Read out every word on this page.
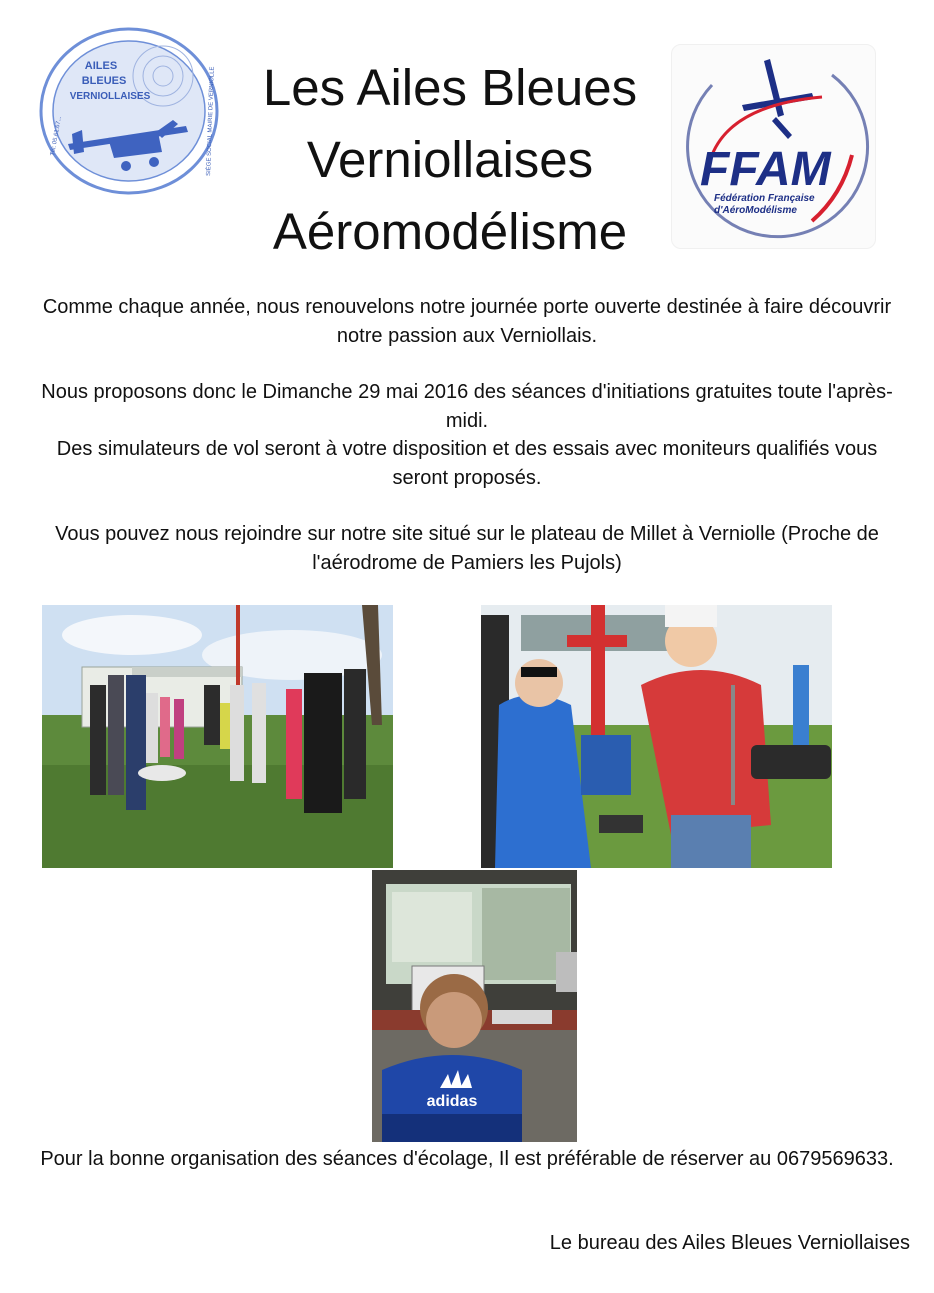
AILES
BLEUES
VERNIOLLAISES
Tél: 05.61.67...	SIÈGE SOCIAL MAIRIE DE VERNIOLLE Les Ailes Bleues
Verniollaises
Aéromodélisme
FFAM
Fédération Française
d'AéroModélisme

Comme chaque année, nous renouvelons notre journée porte ouverte destinée à faire découvrir notre passion aux Verniollais.

Nous proposons donc le Dimanche 29 mai 2016 des séances d'initiations gratuites toute l'après-midi.

Des simulateurs de vol seront à votre disposition et des essais avec moniteurs qualifiés vous seront proposés.

Vous pouvez nous rejoindre sur notre site situé sur le plateau de Millet à Verniolle (Proche de l'aérodrome de Pamiers les Pujols)

adidas

Pour la bonne organisation des séances d'écolage, Il est préférable de réserver au 0679569633.

Le bureau des Ailes Bleues Verniollaises
